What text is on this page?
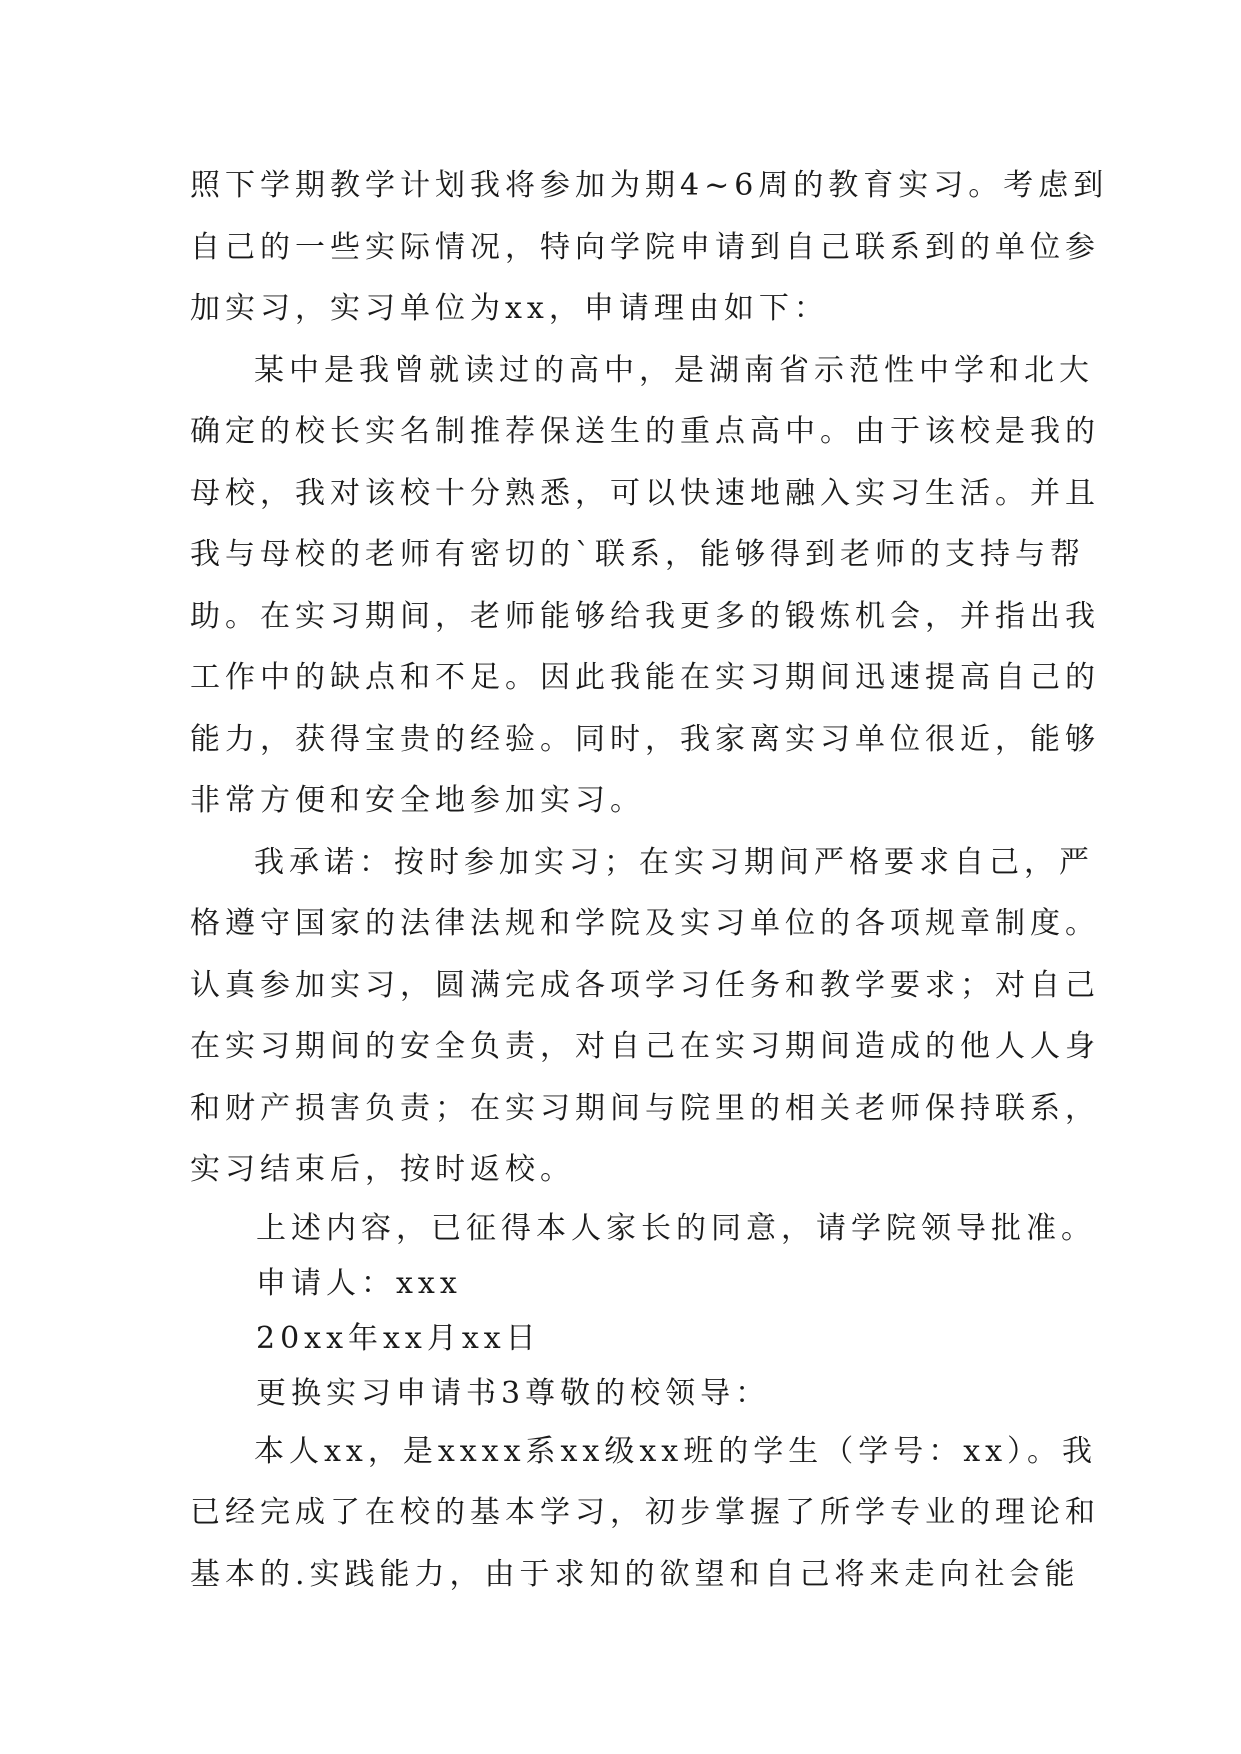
照下学期教学计划我将参加为期4~6周的教育实习。考虑到
自己的一些实际情况，特向学院申请到自己联系到的单位参
加实习，实习单位为xx，申请理由如下：
某中是我曾就读过的高中，是湖南省示范性中学和北大
确定的校长实名制推荐保送生的重点高中。由于该校是我的
母校，我对该校十分熟悉，可以快速地融入实习生活。并且
我与母校的老师有密切的`联系，能够得到老师的支持与帮
助。在实习期间，老师能够给我更多的锻炼机会，并指出我
工作中的缺点和不足。因此我能在实习期间迅速提高自己的
能力，获得宝贵的经验。同时，我家离实习单位很近，能够
非常方便和安全地参加实习。
我承诺：按时参加实习；在实习期间严格要求自己，严
格遵守国家的法律法规和学院及实习单位的各项规章制度。
认真参加实习，圆满完成各项学习任务和教学要求；对自己
在实习期间的安全负责，对自己在实习期间造成的他人人身
和财产损害负责；在实习期间与院里的相关老师保持联系，
实习结束后，按时返校。
上述内容，已征得本人家长的同意，请学院领导批准。
申请人：xxx
20xx年xx月xx日
更换实习申请书3尊敬的校领导：
本人xx，是xxxx系xx级xx班的学生（学号：xx）。我
已经完成了在校的基本学习，初步掌握了所学专业的理论和
基本的.实践能力，由于求知的欲望和自己将来走向社会能
